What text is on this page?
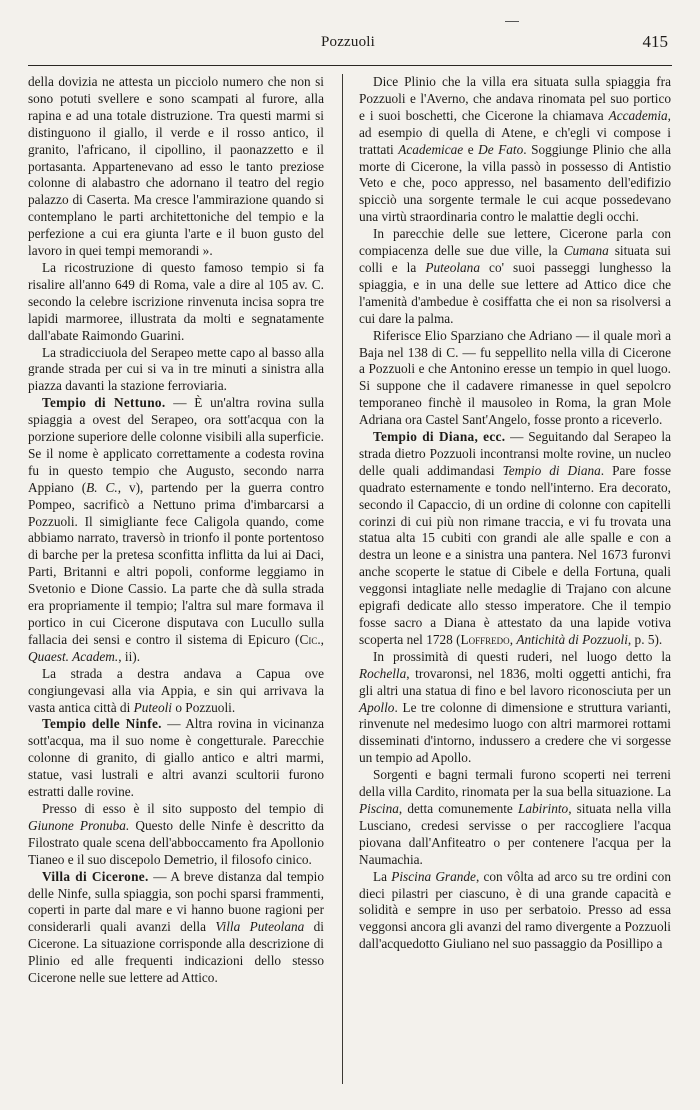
Pozzuoli	415

della dovizia ne attesta un picciolo numero che non si sono potuti svellere e sono scampati al furore, alla rapina e ad una totale distruzione. Tra questi marmi si distinguono il giallo, il verde e il rosso antico, il granito, l'africano, il cipollino, il paonazzetto e il portasanta. Appartenevano ad esso le tanto preziose colonne di alabastro che adornano il teatro del regio palazzo di Caserta. Ma cresce l'ammirazione quando si contemplano le parti architettoniche del tempio e la perfezione a cui era giunta l'arte e il buon gusto del lavoro in quei tempi memorandi ».

La ricostruzione di questo famoso tempio si fa risalire all'anno 649 di Roma, vale a dire al 105 av. C. secondo la celebre iscrizione rinvenuta incisa sopra tre lapidi marmoree, illustrata da molti e segnatamente dall'abate Raimondo Guarini.

La stradicciuola del Serapeo mette capo al basso alla grande strada per cui si va in tre minuti a sinistra alla piazza davanti la stazione ferroviaria.

Tempio di Nettuno. — È un'altra rovina sulla spiaggia a ovest del Serapeo, ora sott'acqua con la porzione superiore delle colonne visibili alla superficie. Se il nome è applicato correttamente a codesta rovina fu in questo tempio che Augusto, secondo narra Appiano (B. C., v), partendo per la guerra contro Pompeo, sacrificò a Nettuno prima d'imbarcarsi a Pozzuoli. Il simigliante fece Caligola quando, come abbiamo narrato, traversò in trionfo il ponte portentoso di barche per la pretesa sconfitta inflitta da lui ai Daci, Parti, Britanni e altri popoli, conforme leggiamo in Svetonio e Dione Cassio. La parte che dà sulla strada era propriamente il tempio; l'altra sul mare formava il portico in cui Cicerone disputava con Lucullo sulla fallacia dei sensi e contro il sistema di Epicuro (Cic., Quaest. Academ., ii).

La strada a destra andava a Capua ove congiungevasi alla via Appia, e sin qui arrivava la vasta antica città di Puteoli o Pozzuoli.

Tempio delle Ninfe. — Altra rovina in vicinanza sott'acqua, ma il suo nome è congetturale. Parecchie colonne di granito, di giallo antico e altri marmi, statue, vasi lustrali e altri avanzi scultorii furono estratti dalle rovine.

Presso di esso è il sito supposto del tempio di Giunone Pronuba. Questo delle Ninfe è descritto da Filostrato quale scena dell'abboccamento fra Apollonio Tianeo e il suo discepolo Demetrio, il filosofo cinico.

Villa di Cicerone. — A breve distanza dal tempio delle Ninfe, sulla spiaggia, son pochi sparsi frammenti, coperti in parte dal mare e vi hanno buone ragioni per considerarli quali avanzi della Villa Puteolana di Cicerone. La situazione corrisponde alla descrizione di Plinio ed alle frequenti indicazioni dello stesso Cicerone nelle sue lettere ad Attico.

Dice Plinio che la villa era situata sulla spiaggia fra Pozzuoli e l'Averno, che andava rinomata pel suo portico e i suoi boschetti, che Cicerone la chiamava Accademia, ad esempio di quella di Atene, e ch'egli vi compose i trattati Academicae e De Fato. Soggiunge Plinio che alla morte di Cicerone, la villa passò in possesso di Antistio Veto e che, poco appresso, nel basamento dell'edifizio spicciò una sorgente termale le cui acque possedevano una virtù straordinaria contro le malattie degli occhi.

In parecchie delle sue lettere, Cicerone parla con compiacenza delle sue due ville, la Cumana situata sui colli e la Puteolana co' suoi passeggi lunghesso la spiaggia, e in una delle sue lettere ad Attico dice che l'amenità d'ambedue è cosiffatta che ei non sa risolversi a cui dare la palma.

Riferisce Elio Sparziano che Adriano — il quale morì a Baja nel 138 di C. — fu seppellito nella villa di Cicerone a Pozzuoli e che Antonino eresse un tempio in quel luogo. Si suppone che il cadavere rimanesse in quel sepolcro temporaneo finchè il mausoleo in Roma, la gran Mole Adriana ora Castel Sant'Angelo, fosse pronto a riceverlo.

Tempio di Diana, ecc. — Seguitando dal Serapeo la strada dietro Pozzuoli incontransi molte rovine, un nucleo delle quali addimandasi Tempio di Diana. Pare fosse quadrato esternamente e tondo nell'interno. Era decorato, secondo il Capaccio, di un ordine di colonne con capitelli corinzi di cui più non rimane traccia, e vi fu trovata una statua alta 15 cubiti con grandi ale alle spalle e con a destra un leone e a sinistra una pantera. Nel 1673 furonvi anche scoperte le statue di Cibele e della Fortuna, quali veggonsi intagliate nelle medaglie di Trajano con alcune epigrafi dedicate allo stesso imperatore. Che il tempio fosse sacro a Diana è attestato da una lapide votiva scoperta nel 1728 (Loffredo, Antichità di Pozzuoli, p. 5).

In prossimità di questi ruderi, nel luogo detto la Rochella, trovaronsi, nel 1836, molti oggetti antichi, fra gli altri una statua di fino e bel lavoro riconosciuta per un Apollo. Le tre colonne di dimensione e struttura varianti, rinvenute nel medesimo luogo con altri marmorei rottami disseminati d'intorno, indussero a credere che vi sorgesse un tempio ad Apollo.

Sorgenti e bagni termali furono scoperti nei terreni della villa Cardito, rinomata per la sua bella situazione. La Piscina, detta comunemente Labirinto, situata nella villa Lusciano, credesi servisse o per raccogliere l'acqua piovana dall'Anfiteatro o per contenere l'acqua per la Naumachia.

La Piscina Grande, con vôlta ad arco su tre ordini con dieci pilastri per ciascuno, è di una grande capacità e solidità e sempre in uso per serbatoio. Presso ad essa veggonsi ancora gli avanzi del ramo divergente a Pozzuoli dall'acquedotto Giuliano nel suo passaggio da Posillipo a
